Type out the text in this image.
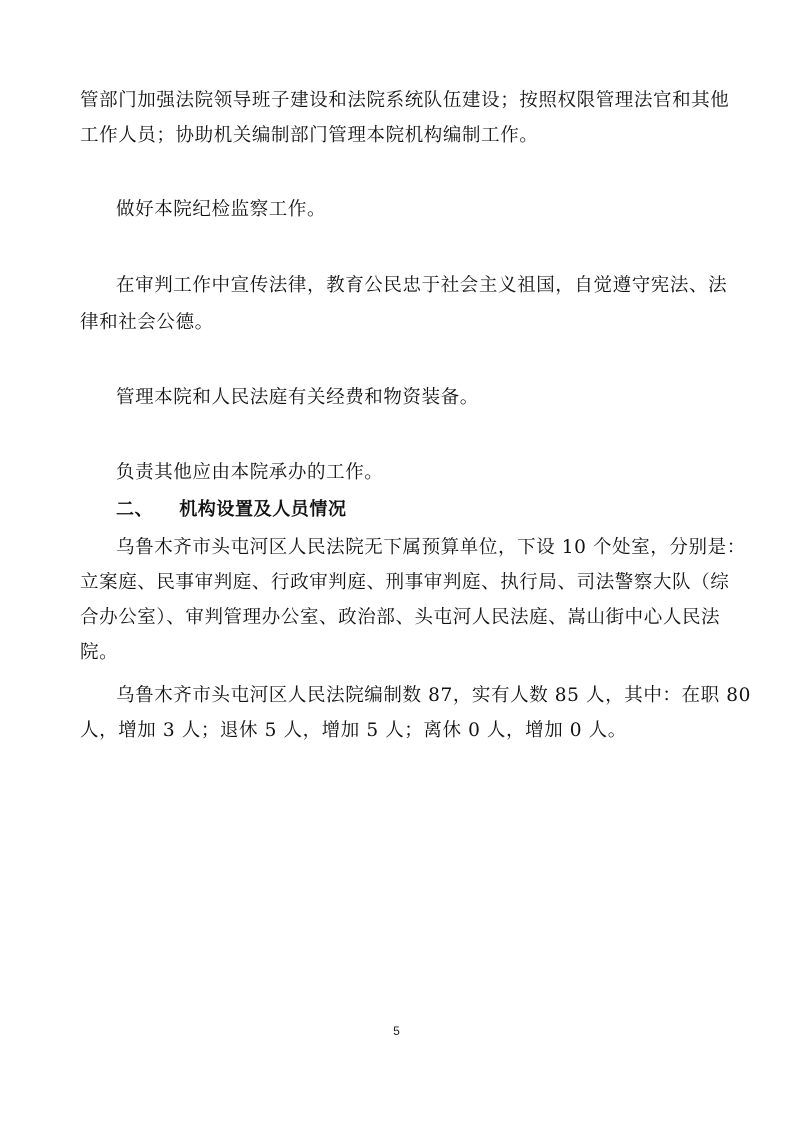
管部门加强法院领导班子建设和法院系统队伍建设；按照权限管理法官和其他
工作人员；协助机关编制部门管理本院机构编制工作。
做好本院纪检监察工作。
在审判工作中宣传法律，教育公民忠于社会主义祖国，自觉遵守宪法、法
律和社会公德。
管理本院和人民法庭有关经费和物资装备。
负责其他应由本院承办的工作。
二、 机构设置及人员情况
乌鲁木齐市头屯河区人民法院无下属预算单位，下设 10 个处室，分别是：
立案庭、民事审判庭、行政审判庭、刑事审判庭、执行局、司法警察大队（综
合办公室）、审判管理办公室、政治部、头屯河人民法庭、嵩山街中心人民法
院。
乌鲁木齐市头屯河区人民法院编制数 87，实有人数 85 人，其中：在职 80
人，增加 3 人；退休 5 人，增加 5 人；离休 0 人，增加 0 人。
5
